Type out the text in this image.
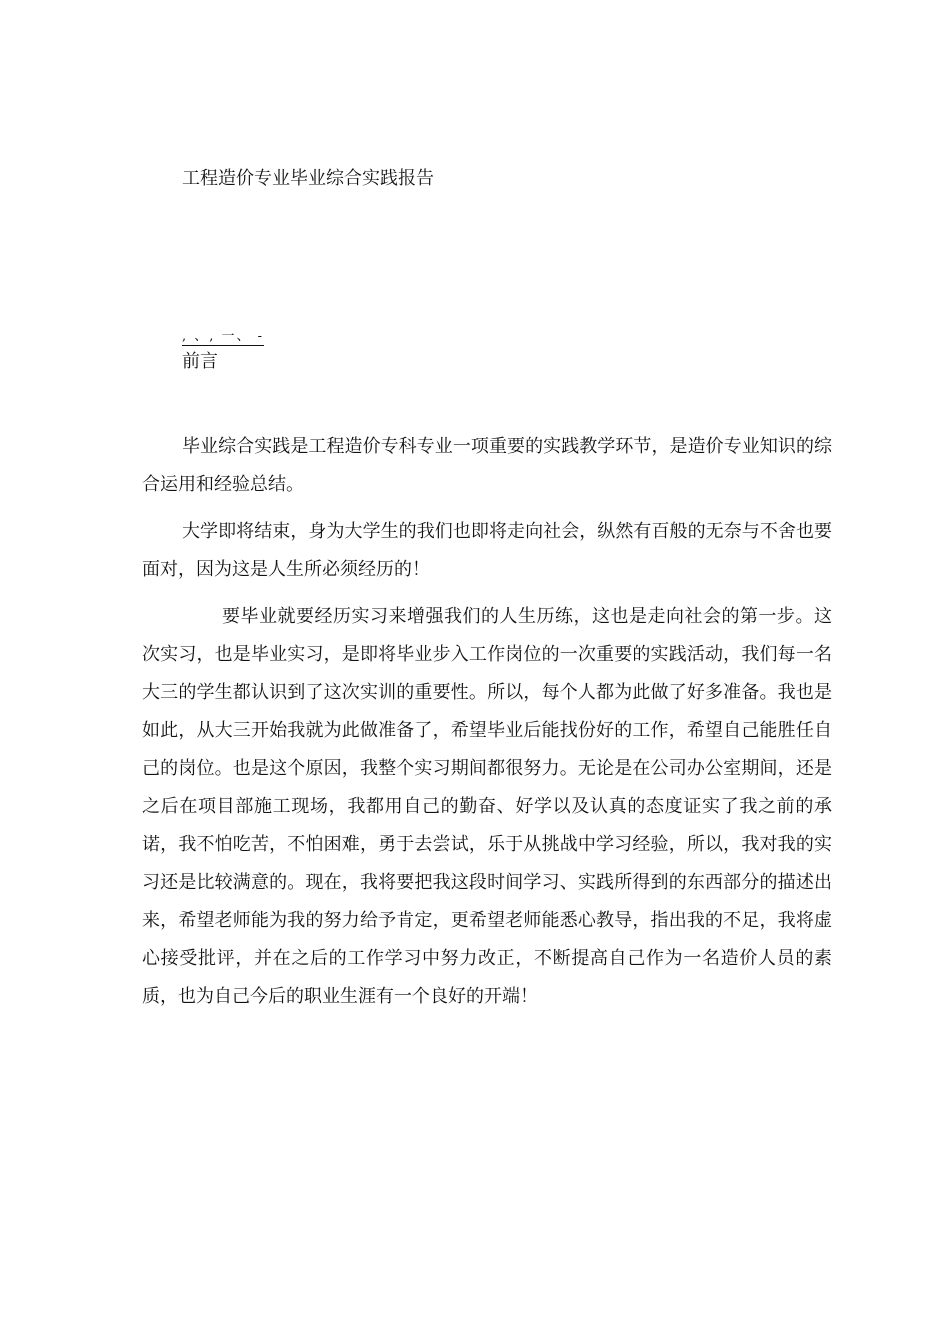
工程造价专业毕业综合实践报告
, 、, 一、 -
前言

毕业综合实践是工程造价专科专业一项重要的实践教学环节，是造价专业知识的综合运用和经验总结。

大学即将结束，身为大学生的我们也即将走向社会，纵然有百般的无奈与不舍也要面对，因为这是人生所必须经历的！

要毕业就要经历实习来增强我们的人生历练，这也是走向社会的第一步。这次实习，也是毕业实习，是即将毕业步入工作岗位的一次重要的实践活动，我们每一名大三的学生都认识到了这次实训的重要性。所以，每个人都为此做了好多准备。我也是如此，从大三开始我就为此做准备了，希望毕业后能找份好的工作，希望自己能胜任自己的岗位。也是这个原因，我整个实习期间都很努力。无论是在公司办公室期间，还是之后在项目部施工现场，我都用自己的勤奋、好学以及认真的态度证实了我之前的承诺，我不怕吃苦，不怕困难，勇于去尝试，乐于从挑战中学习经验，所以，我对我的实习还是比较满意的。现在，我将要把我这段时间学习、实践所得到的东西部分的描述出来，希望老师能为我的努力给予肯定，更希望老师能悉心教导，指出我的不足，我将虚心接受批评，并在之后的工作学习中努力改正，不断提高自己作为一名造价人员的素质，也为自己今后的职业生涯有一个良好的开端！
